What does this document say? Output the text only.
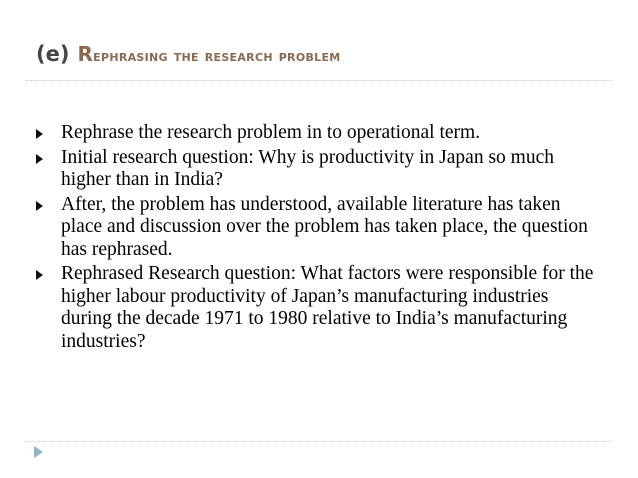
(e) Rephrasing the research problem
Rephrase the research problem in to operational term.
Initial research question: Why is productivity in Japan so much higher than in India?
After, the problem has understood, available literature has taken place and discussion over the problem has taken place, the question has rephrased.
Rephrased Research question: What factors were responsible for the higher labour productivity of Japan’s manufacturing industries during the decade 1971 to 1980 relative to India’s manufacturing industries?
